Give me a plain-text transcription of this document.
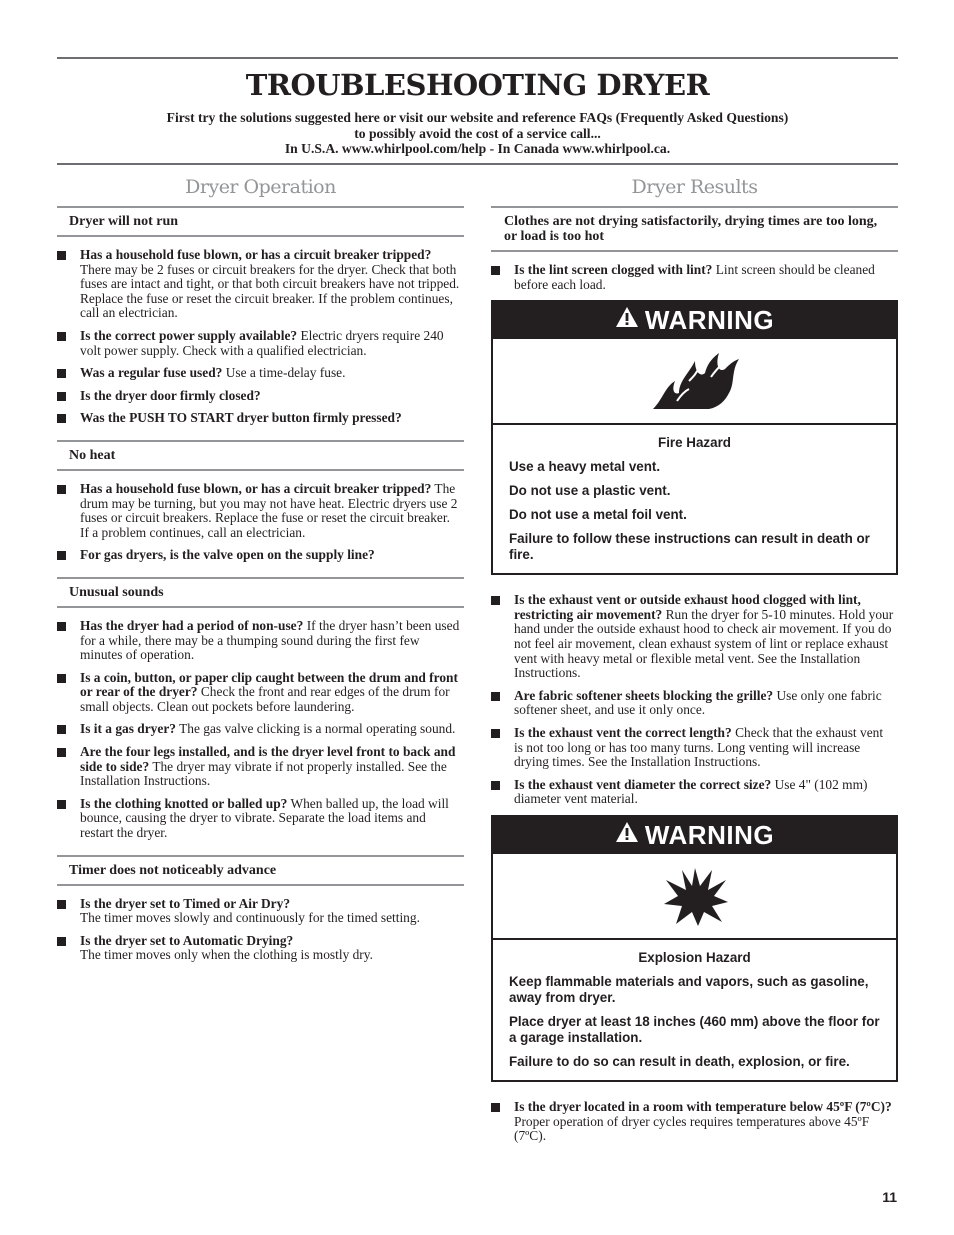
TROUBLESHOOTING DRYER
First try the solutions suggested here or visit our website and reference FAQs (Frequently Asked Questions)
to possibly avoid the cost of a service call...
In U.S.A. www.whirlpool.com/help - In Canada www.whirlpool.ca.
Dryer Operation
Dryer will not run
Has a household fuse blown, or has a circuit breaker tripped? There may be 2 fuses or circuit breakers for the dryer. Check that both fuses are intact and tight, or that both circuit breakers have not tripped. Replace the fuse or reset the circuit breaker. If the problem continues, call an electrician.
Is the correct power supply available? Electric dryers require 240 volt power supply. Check with a qualified electrician.
Was a regular fuse used? Use a time-delay fuse.
Is the dryer door firmly closed?
Was the PUSH TO START dryer button firmly pressed?
No heat
Has a household fuse blown, or has a circuit breaker tripped? The drum may be turning, but you may not have heat. Electric dryers use 2 fuses or circuit breakers. Replace the fuse or reset the circuit breaker. If a problem continues, call an electrician.
For gas dryers, is the valve open on the supply line?
Unusual sounds
Has the dryer had a period of non-use? If the dryer hasn’t been used for a while, there may be a thumping sound during the first few minutes of operation.
Is a coin, button, or paper clip caught between the drum and front or rear of the dryer? Check the front and rear edges of the drum for small objects. Clean out pockets before laundering.
Is it a gas dryer? The gas valve clicking is a normal operating sound.
Are the four legs installed, and is the dryer level front to back and side to side? The dryer may vibrate if not properly installed. See the Installation Instructions.
Is the clothing knotted or balled up? When balled up, the load will bounce, causing the dryer to vibrate. Separate the load items and restart the dryer.
Timer does not noticeably advance
Is the dryer set to Timed or Air Dry?
The timer moves slowly and continuously for the timed setting.
Is the dryer set to Automatic Drying?
The timer moves only when the clothing is mostly dry.
Dryer Results
Clothes are not drying satisfactorily, drying times are too long, or load is too hot
Is the lint screen clogged with lint? Lint screen should be cleaned before each load.
WARNING

Fire Hazard

Use a heavy metal vent.

Do not use a plastic vent.

Do not use a metal foil vent.

Failure to follow these instructions can result in death or fire.

Is the exhaust vent or outside exhaust hood clogged with lint, restricting air movement? Run the dryer for 5-10 minutes. Hold your hand under the outside exhaust hood to check air movement. If you do not feel air movement, clean exhaust system of lint or replace exhaust vent with heavy metal or flexible metal vent. See the Installation Instructions.
Are fabric softener sheets blocking the grille? Use only one fabric softener sheet, and use it only once.
Is the exhaust vent the correct length? Check that the exhaust vent is not too long or has too many turns. Long venting will increase drying times. See the Installation Instructions.
Is the exhaust vent diameter the correct size? Use 4" (102 mm) diameter vent material.
WARNING

Explosion Hazard

Keep flammable materials and vapors, such as gasoline, away from dryer.

Place dryer at least 18 inches (460 mm) above the floor for a garage installation.

Failure to do so can result in death, explosion, or fire.

Is the dryer located in a room with temperature below 45ºF (7ºC)? Proper operation of dryer cycles requires temperatures above 45ºF (7ºC).
11
